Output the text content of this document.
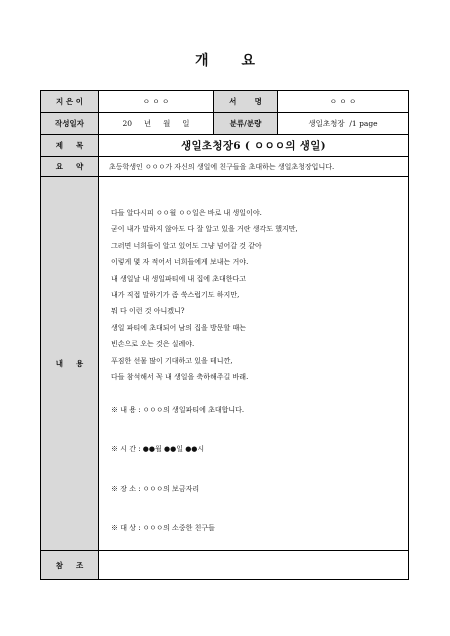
개 요
지 은 이	ㅇ ㅇ ㅇ	서       명	ㅇ ㅇ ㅇ
작성일자	20     년     월     일	분류/분량	생일초청장  /1 page
제     목	생일초청장6 ( ㅇㅇㅇ의 생일)
요     약	초등학생인 ㅇㅇㅇ가 자신의 생일에 친구들을 초대하는 생일초청장입니다.
내     용
다들 알다시피 ㅇㅇ월 ㅇㅇ일은 바로 내 생일이야.
굳이 내가 말하지 않아도 다 잘 알고 있을 거란 생각도 했지만,
그러면 너희들이 알고 있어도 그냥 넘어갈 것 같아
이렇게 몇 자 적어서 너희들에게 보내는 거야.
내 생일날 내 생일파티에 내 집에 초대한다고
내가 직접 말하기가 좀 쑥스럽기도 하지만,
뭐 다 이런 것 아니겠니?
생일 파티에 초대되어 남의 집을 방문할 때는
빈손으로 오는 것은 실례야.
푸짐한 선물 많이 기대하고 있을 테니깐,
다들 참석해서 꼭 내 생일을 축하해주길 바래.
※ 내 용 : ㅇㅇㅇ의 생일파티에 초대합니다.
※ 시 간 : ●●월 ●●일 ●●시
※ 장 소 : ㅇㅇㅇ의 보금자리
※ 대 상 : ㅇㅇㅇ의 소중한 친구들
참     조
